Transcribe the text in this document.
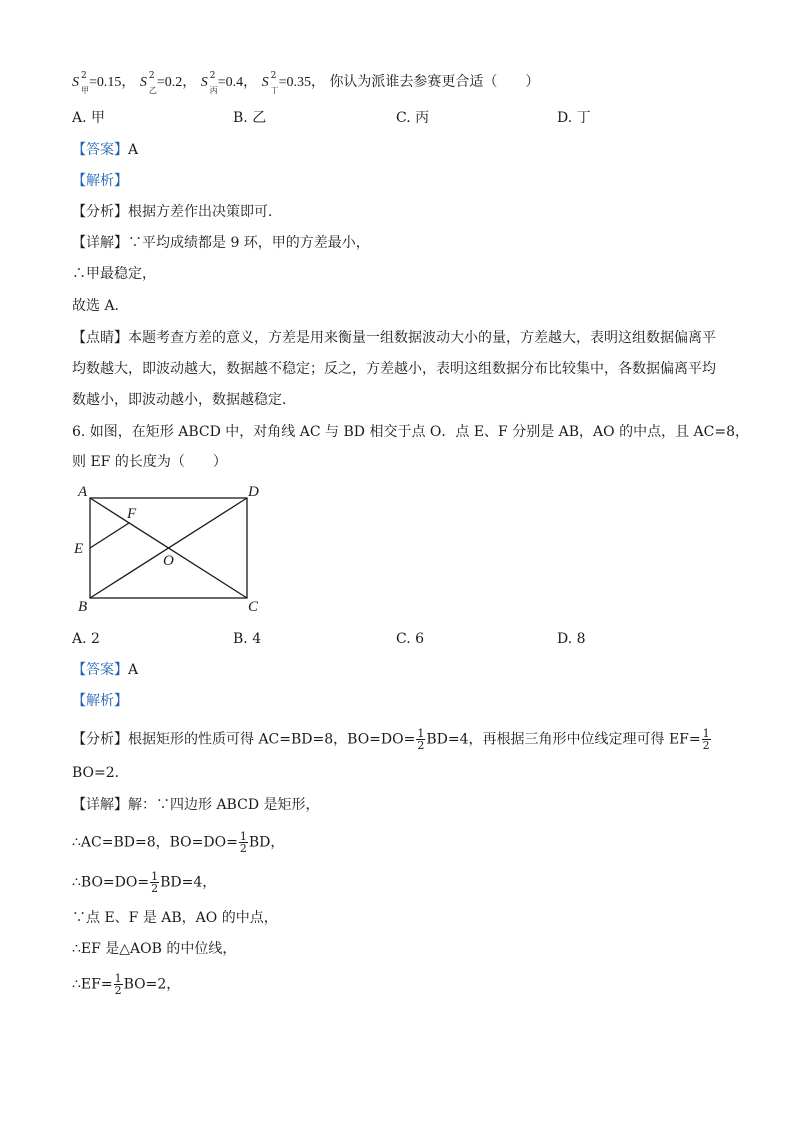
S 2
甲
=0.15， S 2
乙
=0.2， S 2
丙
=0.4， S 2
丁
=0.35， 你认为派谁去参赛更合适（　　）
A. 甲	B. 乙	C. 丙	D. 丁
【答案】A
【解析】
【分析】根据方差作出决策即可．
【详解】∵平均成绩都是 9 环，甲的方差最小，
∴甲最稳定，
故选 A．
【点睛】本题考查方差的意义，方差是用来衡量一组数据波动大小的量，方差越大，表明这组数据偏离平
均数越大，即波动越大，数据越不稳定；反之，方差越小，表明这组数据分布比较集中，各数据偏离平均
数越小，即波动越小，数据越稳定．
6. 如图，在矩形 ABCD 中，对角线 AC 与 BD 相交于点 O．点 E、F 分别是 AB，AO 的中点，且 AC=8，
则 EF 的长度为（　　）
A	D
B	C
E
F
O
A. 2	B. 4	C. 6	D. 8
【答案】A
【解析】
【分析】根据矩形的性质可得 AC=BD=8，$BO=DO= \frac{1}{2} BD=4$，再根据三角形中位线定理可得 $EF= \frac{1}{2}$
BO=2．
【详解】解：∵四边形 ABCD 是矩形，
∴AC=BD=8，$BO=DO= \frac{1}{2}$ BD，
∴BO=DO= $\frac{1}{2} BD=4$，
∵点 E、F 是 AB，AO 的中点，
∴EF 是△AOB 的中位线，
∴EF= $\frac{1}{2} BO=2$，
